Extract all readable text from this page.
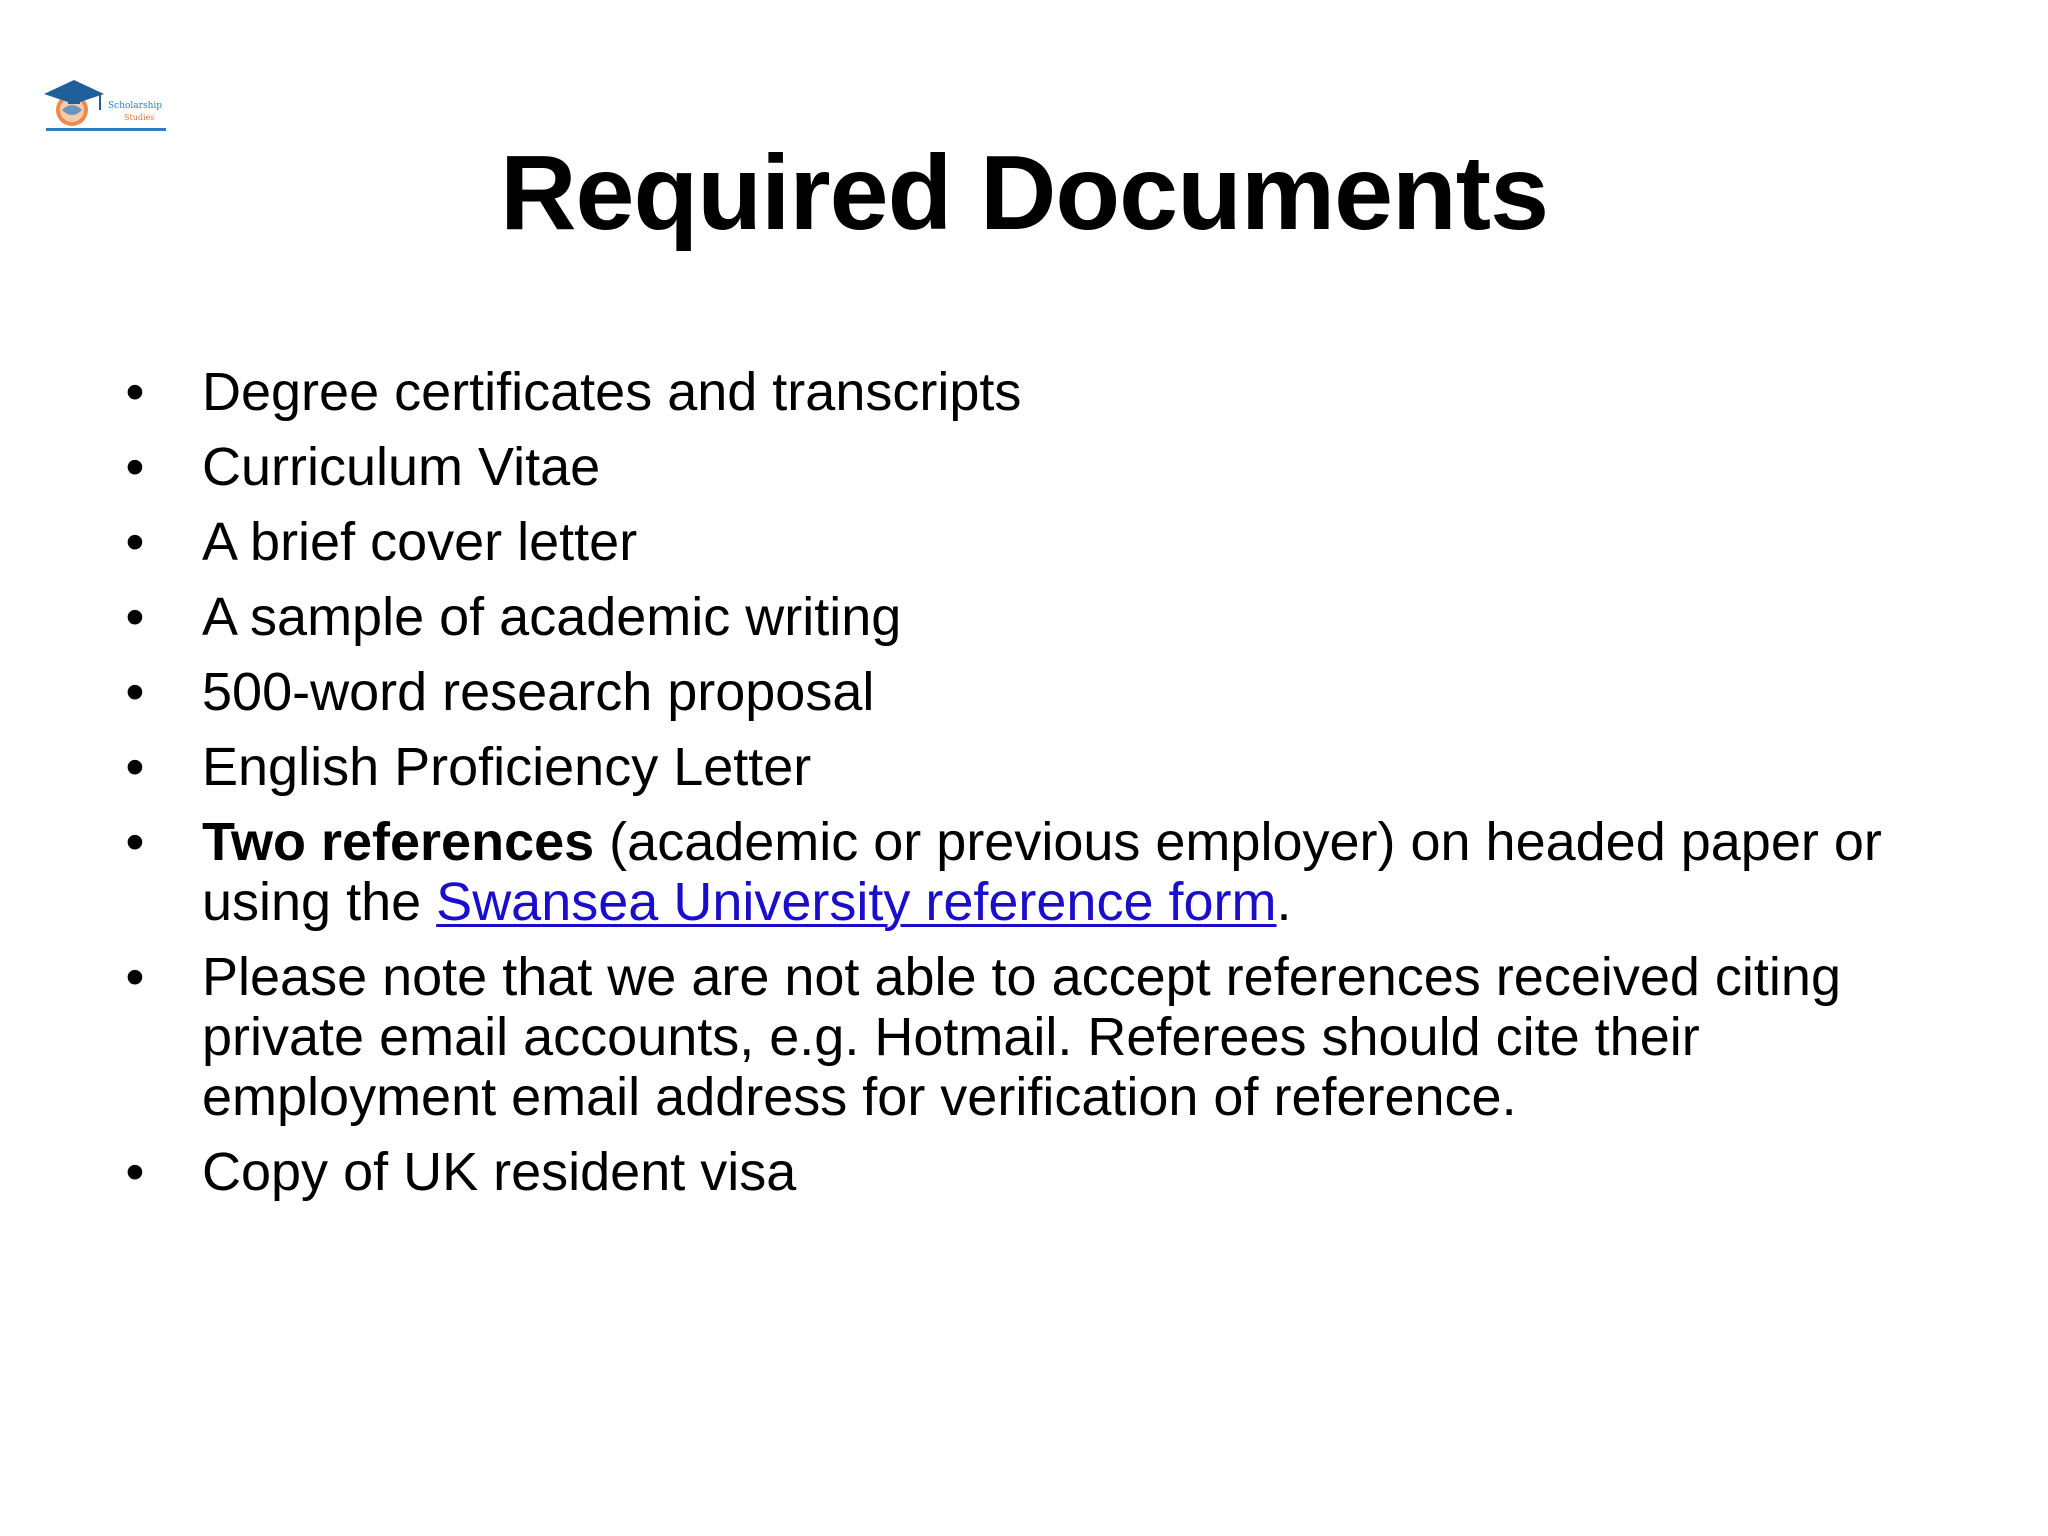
Scholarship
Studies
Required Documents
• Degree certificates and transcripts
• Curriculum Vitae
• A brief cover letter
• A sample of academic writing
• 500-word research proposal
• English Proficiency Letter
• Two references (academic or previous employer) on headed paper or using the Swansea University reference form.
• Please note that we are not able to accept references received citing private email accounts, e.g. Hotmail. Referees should cite their employment email address for verification of reference.
• Copy of UK resident visa
